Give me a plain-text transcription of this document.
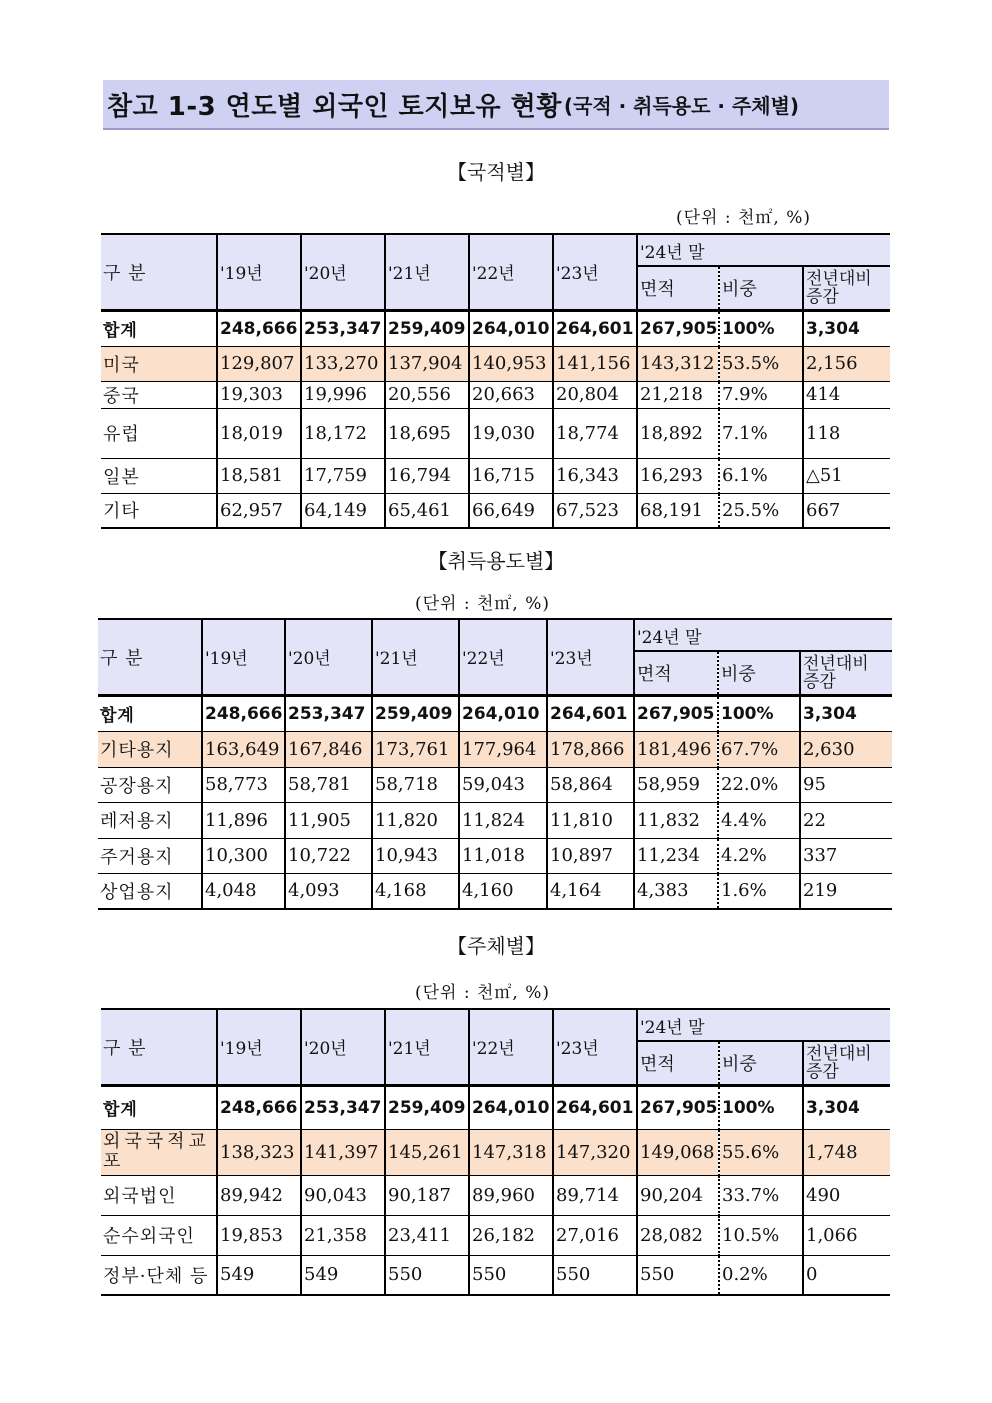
참고 1-3 연도별 외국인 토지보유 현황 (국적 · 취득용도 · 주체별)
【국적별】
(단위 : 천㎡, %)
구 분	'19년	'20년	'21년	'22년	'23년	'24년 말		
						면적	비중	전년대비
증감

합계	248,666	253,347	259,409	264,010	264,601	267,905	100%	3,304
미국	129,807	133,270	137,904	140,953	141,156	143,312	53.5%	2,156
중국	19,303	19,996	20,556	20,663	20,804	21,218	7.9%	414
유럽	18,019	18,172	18,695	19,030	18,774	18,892	7.1%	118
일본	18,581	17,759	16,794	16,715	16,343	16,293	6.1%	△51
기타	62,957	64,149	65,461	66,649	67,523	68,191	25.5%	667
【취득용도별】
(단위 : 천㎡, %)
구 분	'19년	'20년	'21년	'22년	'23년	'24년 말		
						면적	비중	전년대비
증감

합계	248,666	253,347	259,409	264,010	264,601	267,905	100%	3,304
기타용지	163,649	167,846	173,761	177,964	178,866	181,496	67.7%	2,630
공장용지	58,773	58,781	58,718	59,043	58,864	58,959	22.0%	95
레저용지	11,896	11,905	11,820	11,824	11,810	11,832	4.4%	22
주거용지	10,300	10,722	10,943	11,018	10,897	11,234	4.2%	337
상업용지	4,048	4,093	4,168	4,160	4,164	4,383	1.6%	219
【주체별】
(단위 : 천㎡, %)
구 분	'19년	'20년	'21년	'22년	'23년	'24년 말		
						면적	비중	전년대비
증감

합계	248,666	253,347	259,409	264,010	264,601	267,905	100%	3,304
외국국적교포	138,323	141,397	145,261	147,318	147,320	149,068	55.6%	1,748
외국법인	89,942	90,043	90,187	89,960	89,714	90,204	33.7%	490
순수외국인	19,853	21,358	23,411	26,182	27,016	28,082	10.5%	1,066
정부·단체 등	549	549	550	550	550	550	0.2%	0
